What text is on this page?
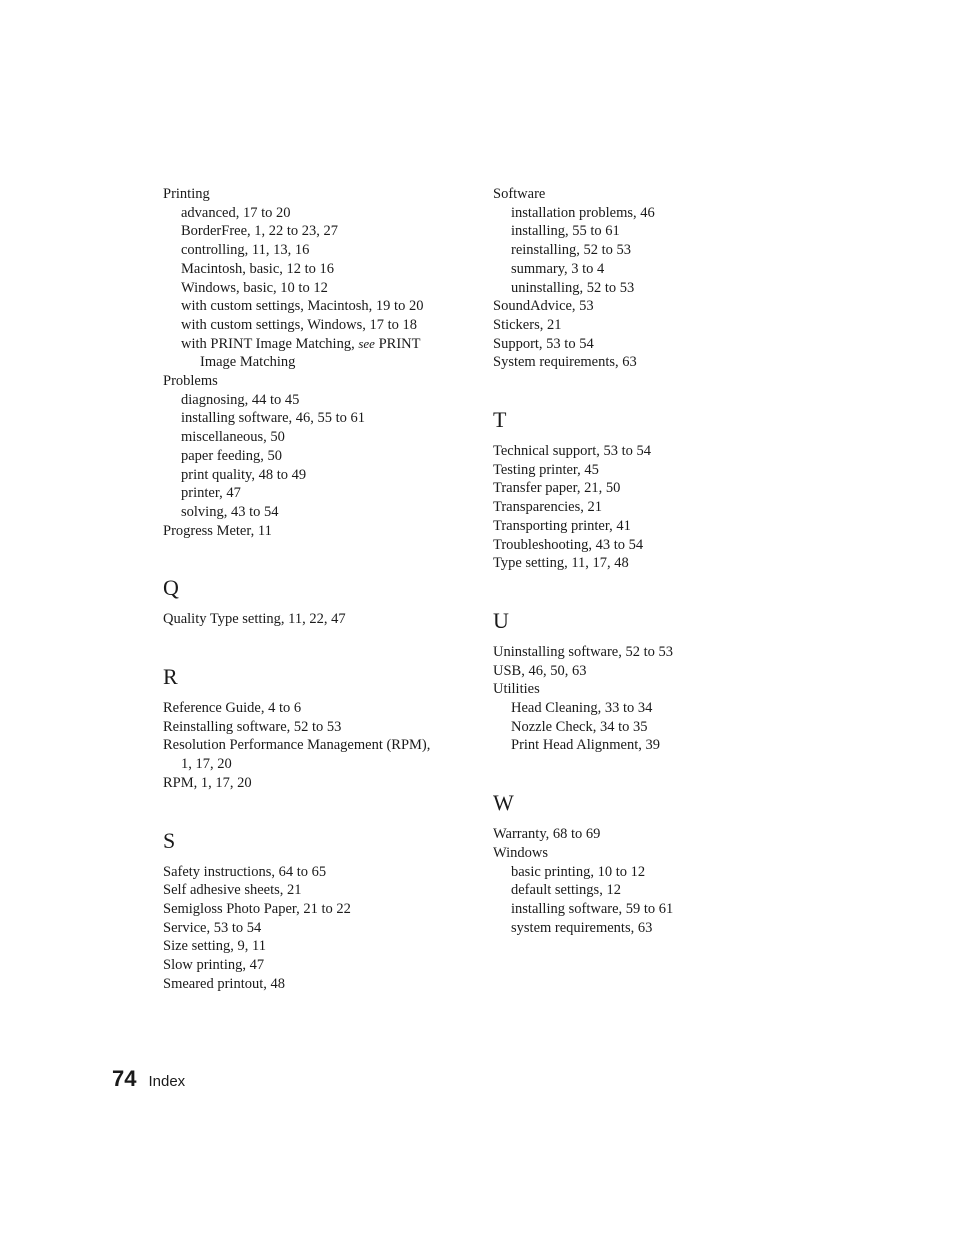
Printing

advanced, 17 to 20

BorderFree, 1, 22 to 23, 27

controlling, 11, 13, 16

Macintosh, basic, 12 to 16

Windows, basic, 10 to 12

with custom settings, Macintosh, 19 to 20

with custom settings, Windows, 17 to 18

with PRINT Image Matching, see PRINT

Image Matching

Problems

diagnosing, 44 to 45

installing software, 46, 55 to 61

miscellaneous, 50

paper feeding, 50

print quality, 48 to 49

printer, 47

solving, 43 to 54

Progress Meter, 11

Q

Quality Type setting, 11, 22, 47

R

Reference Guide, 4 to 6

Reinstalling software, 52 to 53

Resolution Performance Management (RPM),

1, 17, 20

RPM, 1, 17, 20

S

Safety instructions, 64 to 65

Self adhesive sheets, 21

Semigloss Photo Paper, 21 to 22

Service, 53 to 54

Size setting, 9, 11

Slow printing, 47

Smeared printout, 48

Software

installation problems, 46

installing, 55 to 61

reinstalling, 52 to 53

summary, 3 to 4

uninstalling, 52 to 53

SoundAdvice, 53

Stickers, 21

Support, 53 to 54

System requirements, 63

T

Technical support, 53 to 54

Testing printer, 45

Transfer paper, 21, 50

Transparencies, 21

Transporting printer, 41

Troubleshooting, 43 to 54

Type setting, 11, 17, 48

U

Uninstalling software, 52 to 53

USB, 46, 50, 63

Utilities

Head Cleaning, 33 to 34

Nozzle Check, 34 to 35

Print Head Alignment, 39

W

Warranty, 68 to 69

Windows

basic printing, 10 to 12

default settings, 12

installing software, 59 to 61

system requirements, 63

74 Index
